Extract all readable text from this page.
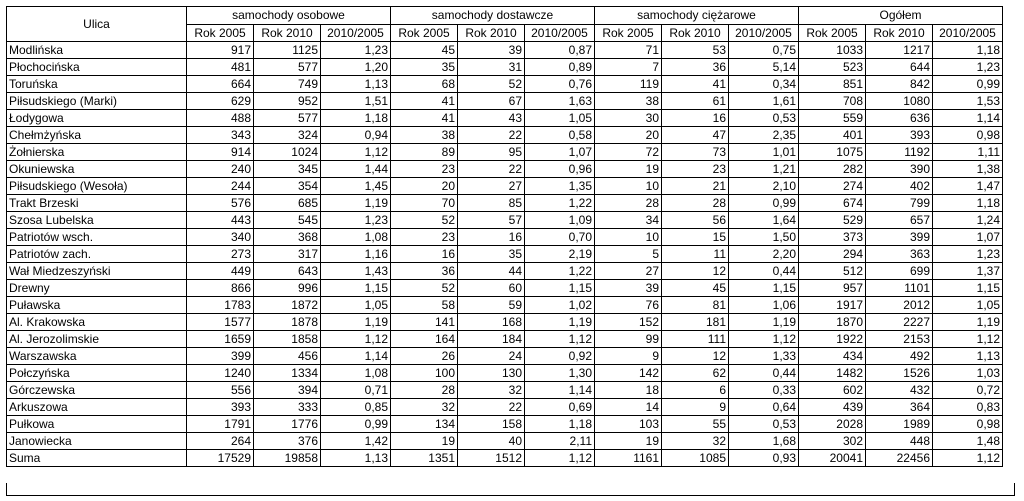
Ulica	samochody osobowe			samochody dostawcze			samochody ciężarowe			Ogółem		
	Rok 2005	Rok 2010	2010/2005	Rok 2005	Rok 2010	2010/2005	Rok 2005	Rok 2010	2010/2005	Rok 2005	Rok 2010	2010/2005
Modlińska	917	1125	1,23	45	39	0,87	71	53	0,75	1033	1217	1,18
Płochocińska	481	577	1,20	35	31	0,89	7	36	5,14	523	644	1,23
Toruńska	664	749	1,13	68	52	0,76	119	41	0,34	851	842	0,99
Piłsudskiego (Marki)	629	952	1,51	41	67	1,63	38	61	1,61	708	1080	1,53
Łodygowa	488	577	1,18	41	43	1,05	30	16	0,53	559	636	1,14
Chełmżyńska	343	324	0,94	38	22	0,58	20	47	2,35	401	393	0,98
Żołnierska	914	1024	1,12	89	95	1,07	72	73	1,01	1075	1192	1,11
Okuniewska	240	345	1,44	23	22	0,96	19	23	1,21	282	390	1,38
Piłsudskiego (Wesoła)	244	354	1,45	20	27	1,35	10	21	2,10	274	402	1,47
Trakt Brzeski	576	685	1,19	70	85	1,22	28	28	0,99	674	799	1,18
Szosa Lubelska	443	545	1,23	52	57	1,09	34	56	1,64	529	657	1,24
Patriotów wsch.	340	368	1,08	23	16	0,70	10	15	1,50	373	399	1,07
Patriotów zach.	273	317	1,16	16	35	2,19	5	11	2,20	294	363	1,23
Wał Miedzeszyński	449	643	1,43	36	44	1,22	27	12	0,44	512	699	1,37
Drewny	866	996	1,15	52	60	1,15	39	45	1,15	957	1101	1,15
Puławska	1783	1872	1,05	58	59	1,02	76	81	1,06	1917	2012	1,05
Al. Krakowska	1577	1878	1,19	141	168	1,19	152	181	1,19	1870	2227	1,19
Al. Jerozolimskie	1659	1858	1,12	164	184	1,12	99	111	1,12	1922	2153	1,12
Warszawska	399	456	1,14	26	24	0,92	9	12	1,33	434	492	1,13
Połczyńska	1240	1334	1,08	100	130	1,30	142	62	0,44	1482	1526	1,03
Górczewska	556	394	0,71	28	32	1,14	18	6	0,33	602	432	0,72
Arkuszowa	393	333	0,85	32	22	0,69	14	9	0,64	439	364	0,83
Pułkowa	1791	1776	0,99	134	158	1,18	103	55	0,53	2028	1989	0,98
Janowiecka	264	376	1,42	19	40	2,11	19	32	1,68	302	448	1,48
Suma	17529	19858	1,13	1351	1512	1,12	1161	1085	0,93	20041	22456	1,12
